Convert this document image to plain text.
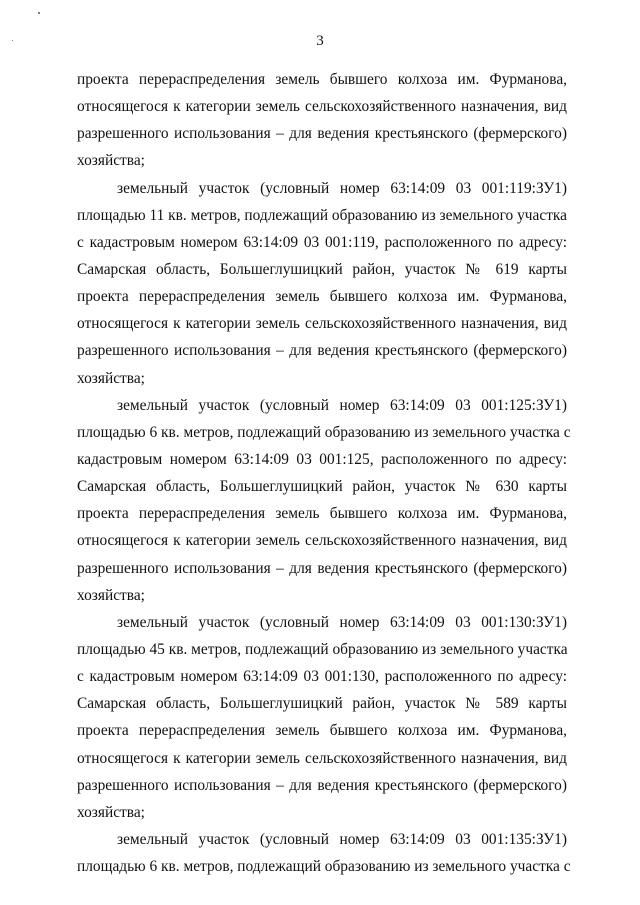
3
проекта перераспределения земель бывшего колхоза им. Фурманова,
относящегося к категории земель сельскохозяйственного назначения, вид
разрешенного использования – для ведения крестьянского (фермерского)
хозяйства;
земельный участок (условный номер 63:14:09 03 001:119:ЗУ1)
площадью 11 кв. метров, подлежащий образованию из земельного участка
с кадастровым номером 63:14:09 03 001:119, расположенного по адресу:
Самарская область, Большеглушицкий район, участок № 619 карты
проекта перераспределения земель бывшего колхоза им. Фурманова,
относящегося к категории земель сельскохозяйственного назначения, вид
разрешенного использования – для ведения крестьянского (фермерского)
хозяйства;
земельный участок (условный номер 63:14:09 03 001:125:ЗУ1)
площадью 6 кв. метров, подлежащий образованию из земельного участка с
кадастровым номером 63:14:09 03 001:125, расположенного по адресу:
Самарская область, Большеглушицкий район, участок № 630 карты
проекта перераспределения земель бывшего колхоза им. Фурманова,
относящегося к категории земель сельскохозяйственного назначения, вид
разрешенного использования – для ведения крестьянского (фермерского)
хозяйства;
земельный участок (условный номер 63:14:09 03 001:130:ЗУ1)
площадью 45 кв. метров, подлежащий образованию из земельного участка
с кадастровым номером 63:14:09 03 001:130, расположенного по адресу:
Самарская область, Большеглушицкий район, участок № 589 карты
проекта перераспределения земель бывшего колхоза им. Фурманова,
относящегося к категории земель сельскохозяйственного назначения, вид
разрешенного использования – для ведения крестьянского (фермерского)
хозяйства;
земельный участок (условный номер 63:14:09 03 001:135:ЗУ1)
площадью 6 кв. метров, подлежащий образованию из земельного участка с
